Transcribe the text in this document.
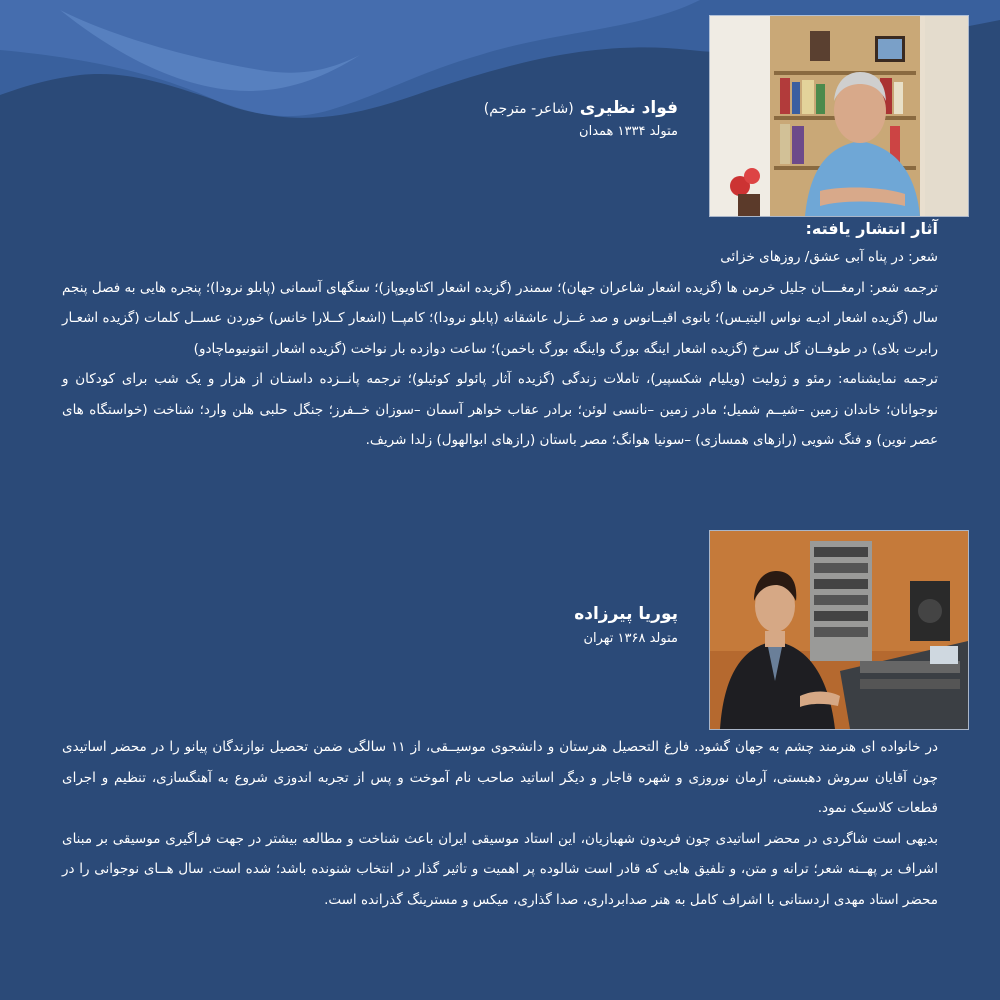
فواد نظیری
(شاعر- مترجم)
متولد ۱۳۳۴ همدان
آثار انتشار یافته:

شعر: در پناه آبی عشق/ روزهای خزائی

ترجمه شعر: ارمغــــان جلیل خرمن ها (گزیده اشعار شاعران جهان)؛ سمندر (گزیده اشعار اکتاویوپاز)؛ سنگهای آسمانی (پابلو نرودا)؛ پنجره هایی به فصل پنجم سال (گزیده اشعار ادیـه نواس الیتیـس)؛ بانوی اقیــانوس و صد غــزل عاشقانه (پابلو نرودا)؛ کامپــا (اشعار کــلارا خانس) خوردن عســل کلمات (گزیده اشعـار رابرت بلای) در طوفــان گل سرخ (گزیده اشعار اینگه بورگ واینگه بورگ باخمن)؛ ساعت دوازده بار نواخت (گزیده اشعار انتونیوماچادو)

ترجمه نمایشنامه: رمئو و ژولیت (ویلیام شکسپیر)، تاملات زندگی (گزیده آثار پائولو کوئیلو)؛ ترجمه پانــزده داستـان از هزار و یک شب برای کودکان و نوجوانان؛ خاندان زمین –شیــم شمیل؛ مادر زمین –نانسی لوئن؛ برادر عقاب خواهر آسمان –سوزان خــفرز؛ جنگل حلبی هلن وارد؛ شناخت (خواستگاه های عصر نوین) و فنگ شویی (رازهای همسازی) –سونیا هوانگ؛ مصر باستان (رازهای ابوالهول) زلدا شریف.

پوریا پیرزاده
متولد ۱۳۶۸ تهران

در خانواده ای هنرمند چشم به جهان گشود. فارغ التحصیل هنرستان و دانشجوی موسیــقی، از ۱۱ سالگی ضمن تحصیل نوازندگان پیانو را در محضر اساتیدی چون آقایان سروش دهبستی، آرمان نوروزی و شهره قاجار و دیگر اساتید صاحب نام آموخت و پس از تجربه اندوزی شروع به آهنگسازی، تنظیم و اجرای قطعات کلاسیک نمود.

بدیهی است شاگردی در محضر اساتیدی چون فریدون شهبازیان، این استاد موسیقی ایران باعث شناخت و مطالعه بیشتر در جهت فراگیری موسیقی بر مبنای اشراف بر پهــنه شعر؛ ترانه و متن، و تلفیق هایی که قادر است شالوده پر اهمیت و تاثیر گذار در انتخاب شنونده باشد؛ شده است. سال هــای نوجوانی را در محضر استاد مهدی اردستانی با اشراف کامل به هنر صدابرداری، صدا گذاری، میکس و مسترینگ گذرانده است.
